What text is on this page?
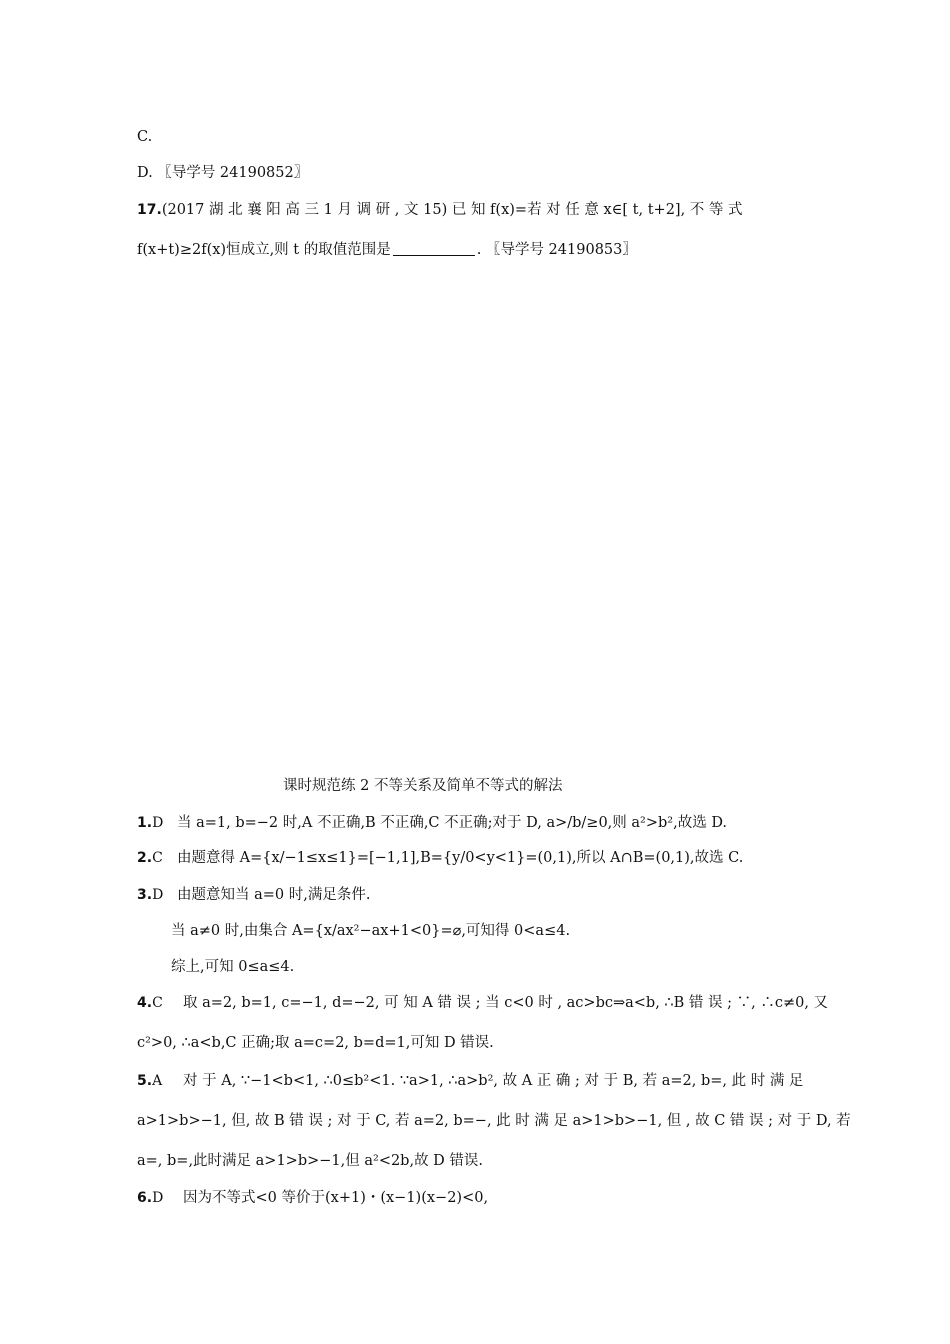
C.
D. 〖导学号 24190852〗
17.(2017 湖 北 襄 阳 高 三 1 月 调 研 , 文 15) 已 知 f(x)=若 对 任 意 x∈[ t, t+2], 不 等 式
f(x+t)≥2f(x)恒成立,则 t 的取值范围是	. 〖导学号 24190853〗
课时规范练 2 不等关系及简单不等式的解法
1.D 当 a=1, b=−2 时,A 不正确,B 不正确,C 不正确;对于 D, a>/b/≥0,则 a²>b²,故选 D.
2.C 由题意得 A={x/−1≤x≤1}=[−1,1],B={y/0<y<1}=(0,1),所以 A∩B=(0,1),故选 C.
3.D 由题意知当 a=0 时,满足条件.
当 a≠0 时,由集合 A={x/ax²−ax+1<0}=⌀,可知得 0<a≤4.
综上,可知 0≤a≤4.
4.C 取 a=2, b=1, c=−1, d=−2, 可 知 A 错 误 ; 当 c<0 时 , ac>bc⇒a<b, ∴B 错 误 ; ∵, ∴c≠0, 又
c²>0, ∴a<b,C 正确;取 a=c=2, b=d=1,可知 D 错误.
5.A 对 于 A, ∵−1<b<1, ∴0≤b²<1. ∵a>1, ∴a>b², 故 A 正 确 ; 对 于 B, 若 a=2, b=, 此 时 满 足
a>1>b>−1, 但, 故 B 错 误 ; 对 于 C, 若 a=2, b=−, 此 时 满 足 a>1>b>−1, 但 , 故 C 错 误 ; 对 于 D, 若
a=, b=,此时满足 a>1>b>−1,但 a²<2b,故 D 错误.
6.D 因为不等式<0 等价于(x+1)・(x−1)(x−2)<0,
